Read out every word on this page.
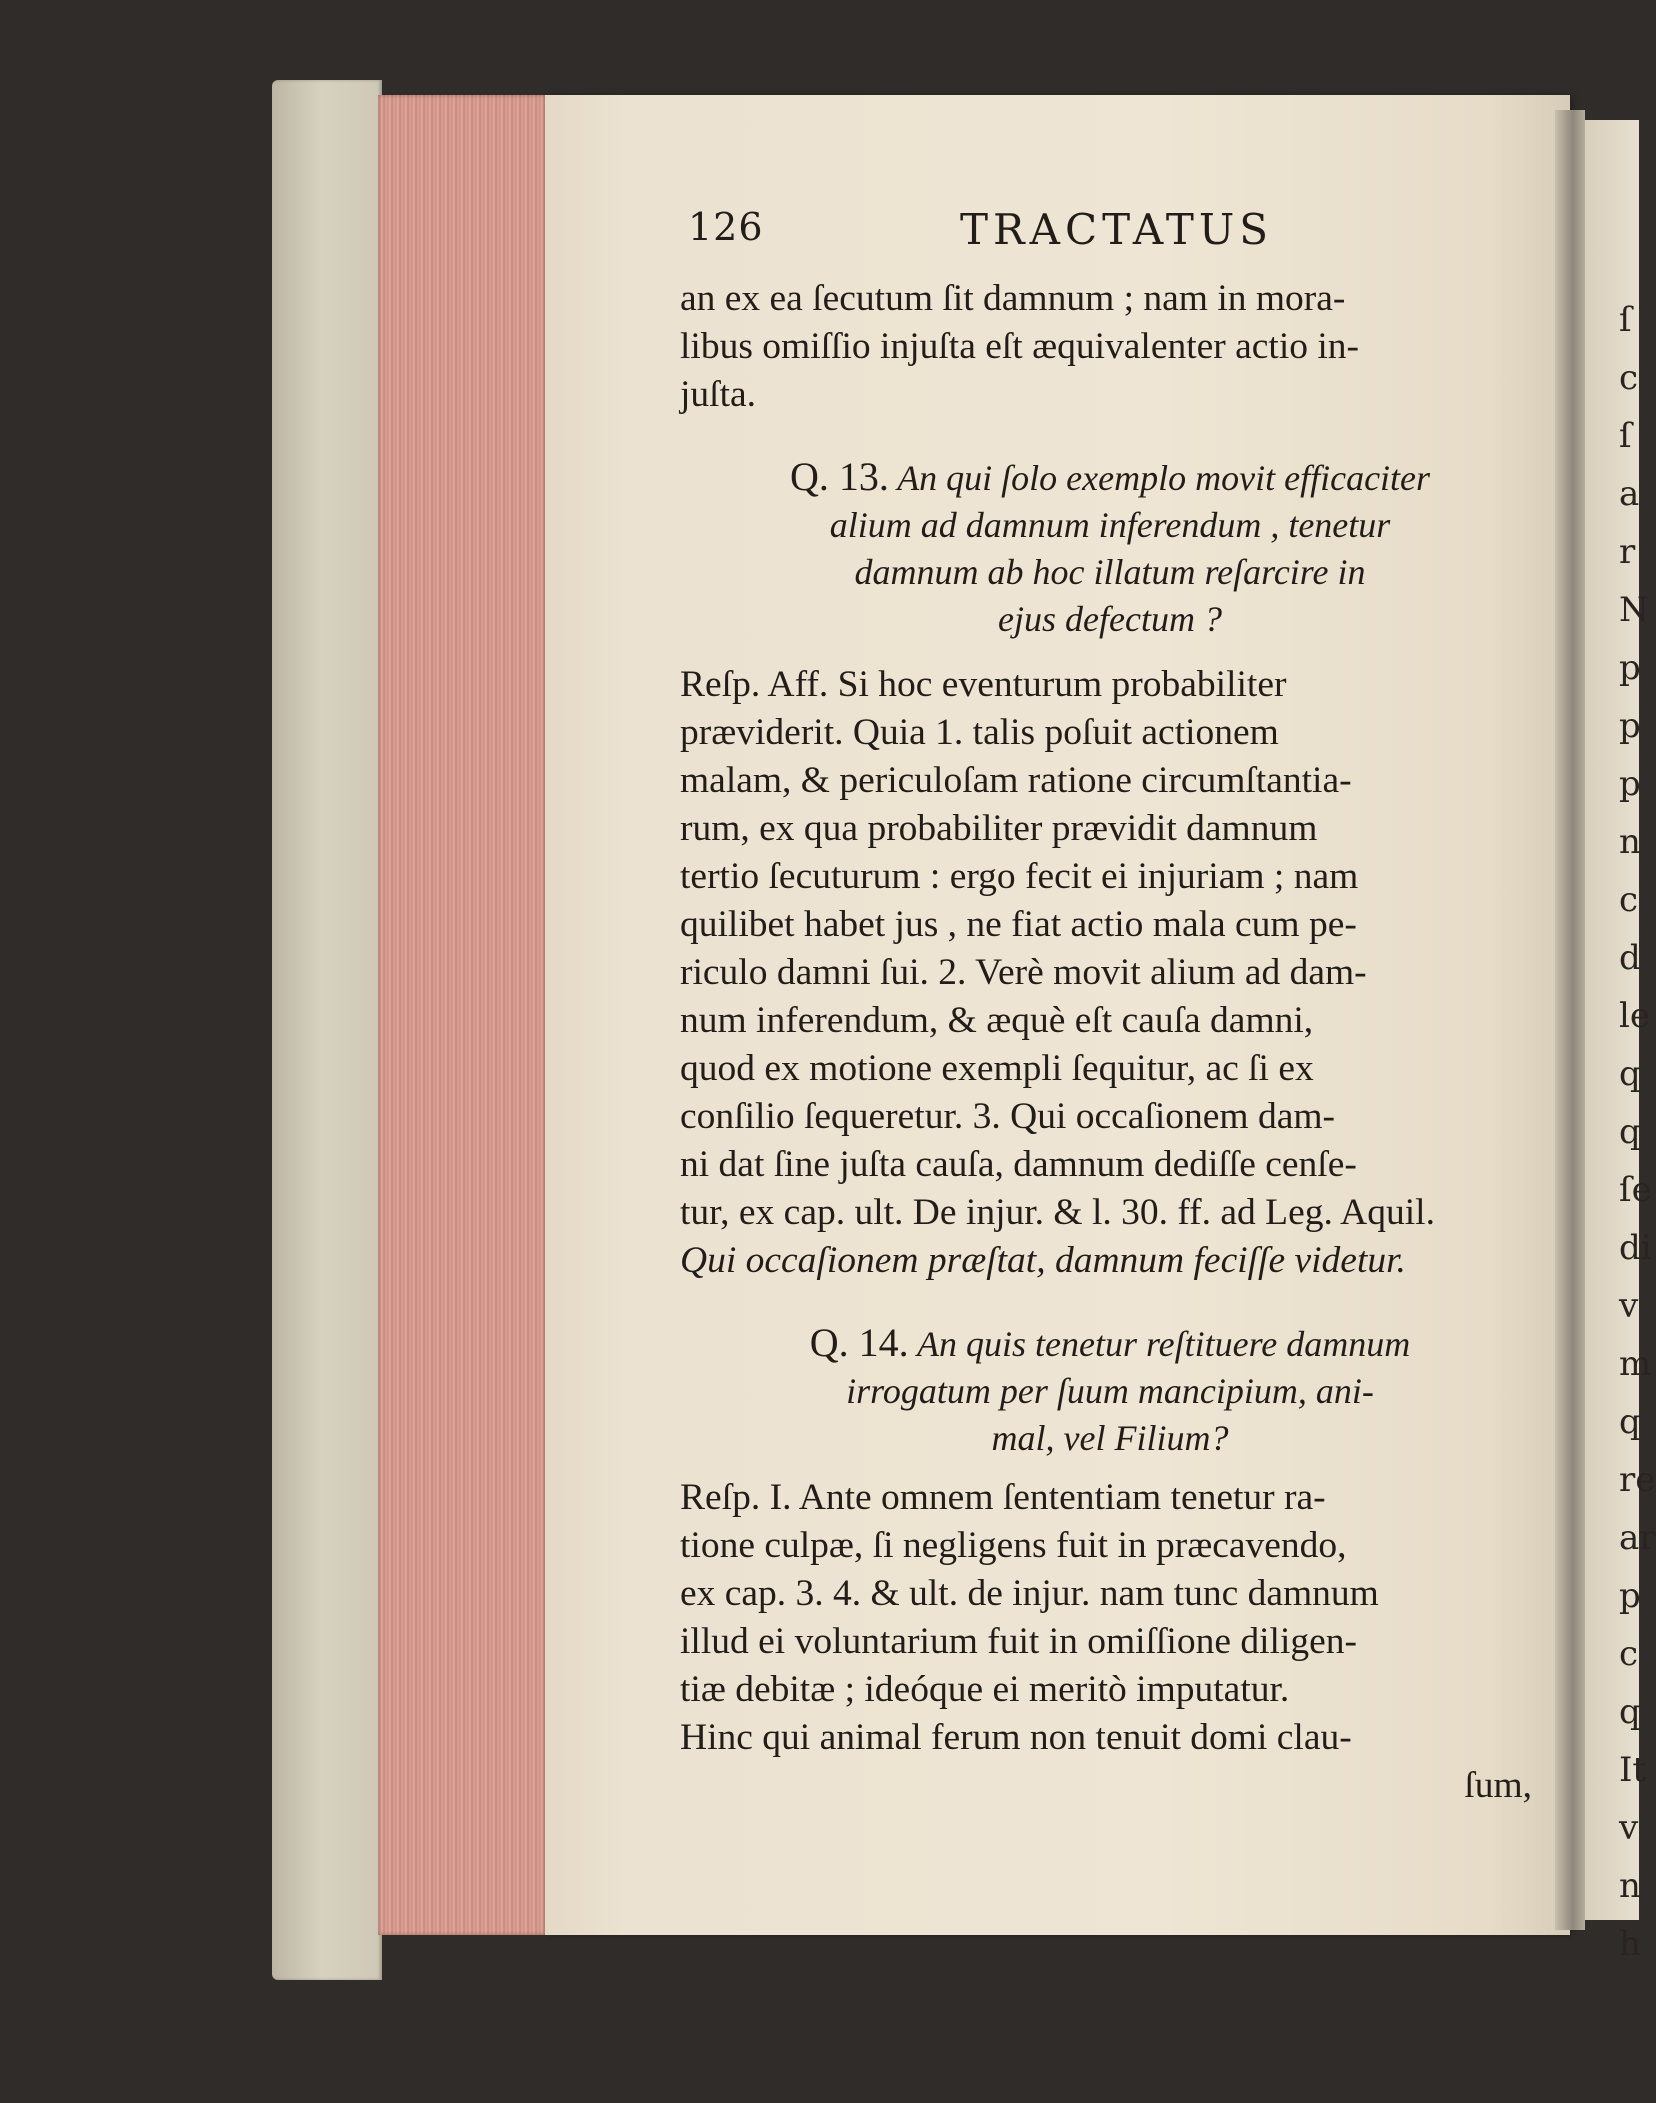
ſ
c
ſ
a
r
N
p
p
p
n
c
d
le
q
q
ſe
di
v
m
q
re
ar
p
c
q
It
v
n
h
126	TRACTATUS

an ex ea ſecutum ſit damnum ; nam in mora-
libus omiſſio injuſta eſt æquivalenter actio in-
juſta.

Q. 13. An qui ſolo exemplo movit efficaciter
alium ad damnum inferendum , tenetur
damnum ab hoc illatum reſarcire in
ejus defectum ?

Reſp. Aff. Si hoc eventurum probabiliter
præviderit. Quia 1. talis poſuit actionem
malam, & periculoſam ratione circumſtantia-
rum, ex qua probabiliter prævidit damnum
tertio ſecuturum : ergo fecit ei injuriam ; nam
quilibet habet jus , ne fiat actio mala cum pe-
riculo damni ſui. 2. Verè movit alium ad dam-
num inferendum, & æquè eſt cauſa damni,
quod ex motione exempli ſequitur, ac ſi ex
conſilio ſequeretur. 3. Qui occaſionem dam-
ni dat ſine juſta cauſa, damnum dediſſe cenſe-
tur, ex cap. ult. De injur. & l. 30. ff. ad Leg. Aquil.
Qui occaſionem præſtat, damnum feciſſe videtur.

Q. 14. An quis tenetur reſtituere damnum
irrogatum per ſuum mancipium, ani-
mal, vel Filium?

Reſp. I. Ante omnem ſententiam tenetur ra-
tione culpæ, ſi negligens fuit in præcavendo,
ex cap. 3. 4. & ult. de injur. nam tunc damnum
illud ei voluntarium fuit in omiſſione diligen-
tiæ debitæ ; ideóque ei meritò imputatur.
Hinc qui animal ferum non tenuit domi clau-

ſum,
